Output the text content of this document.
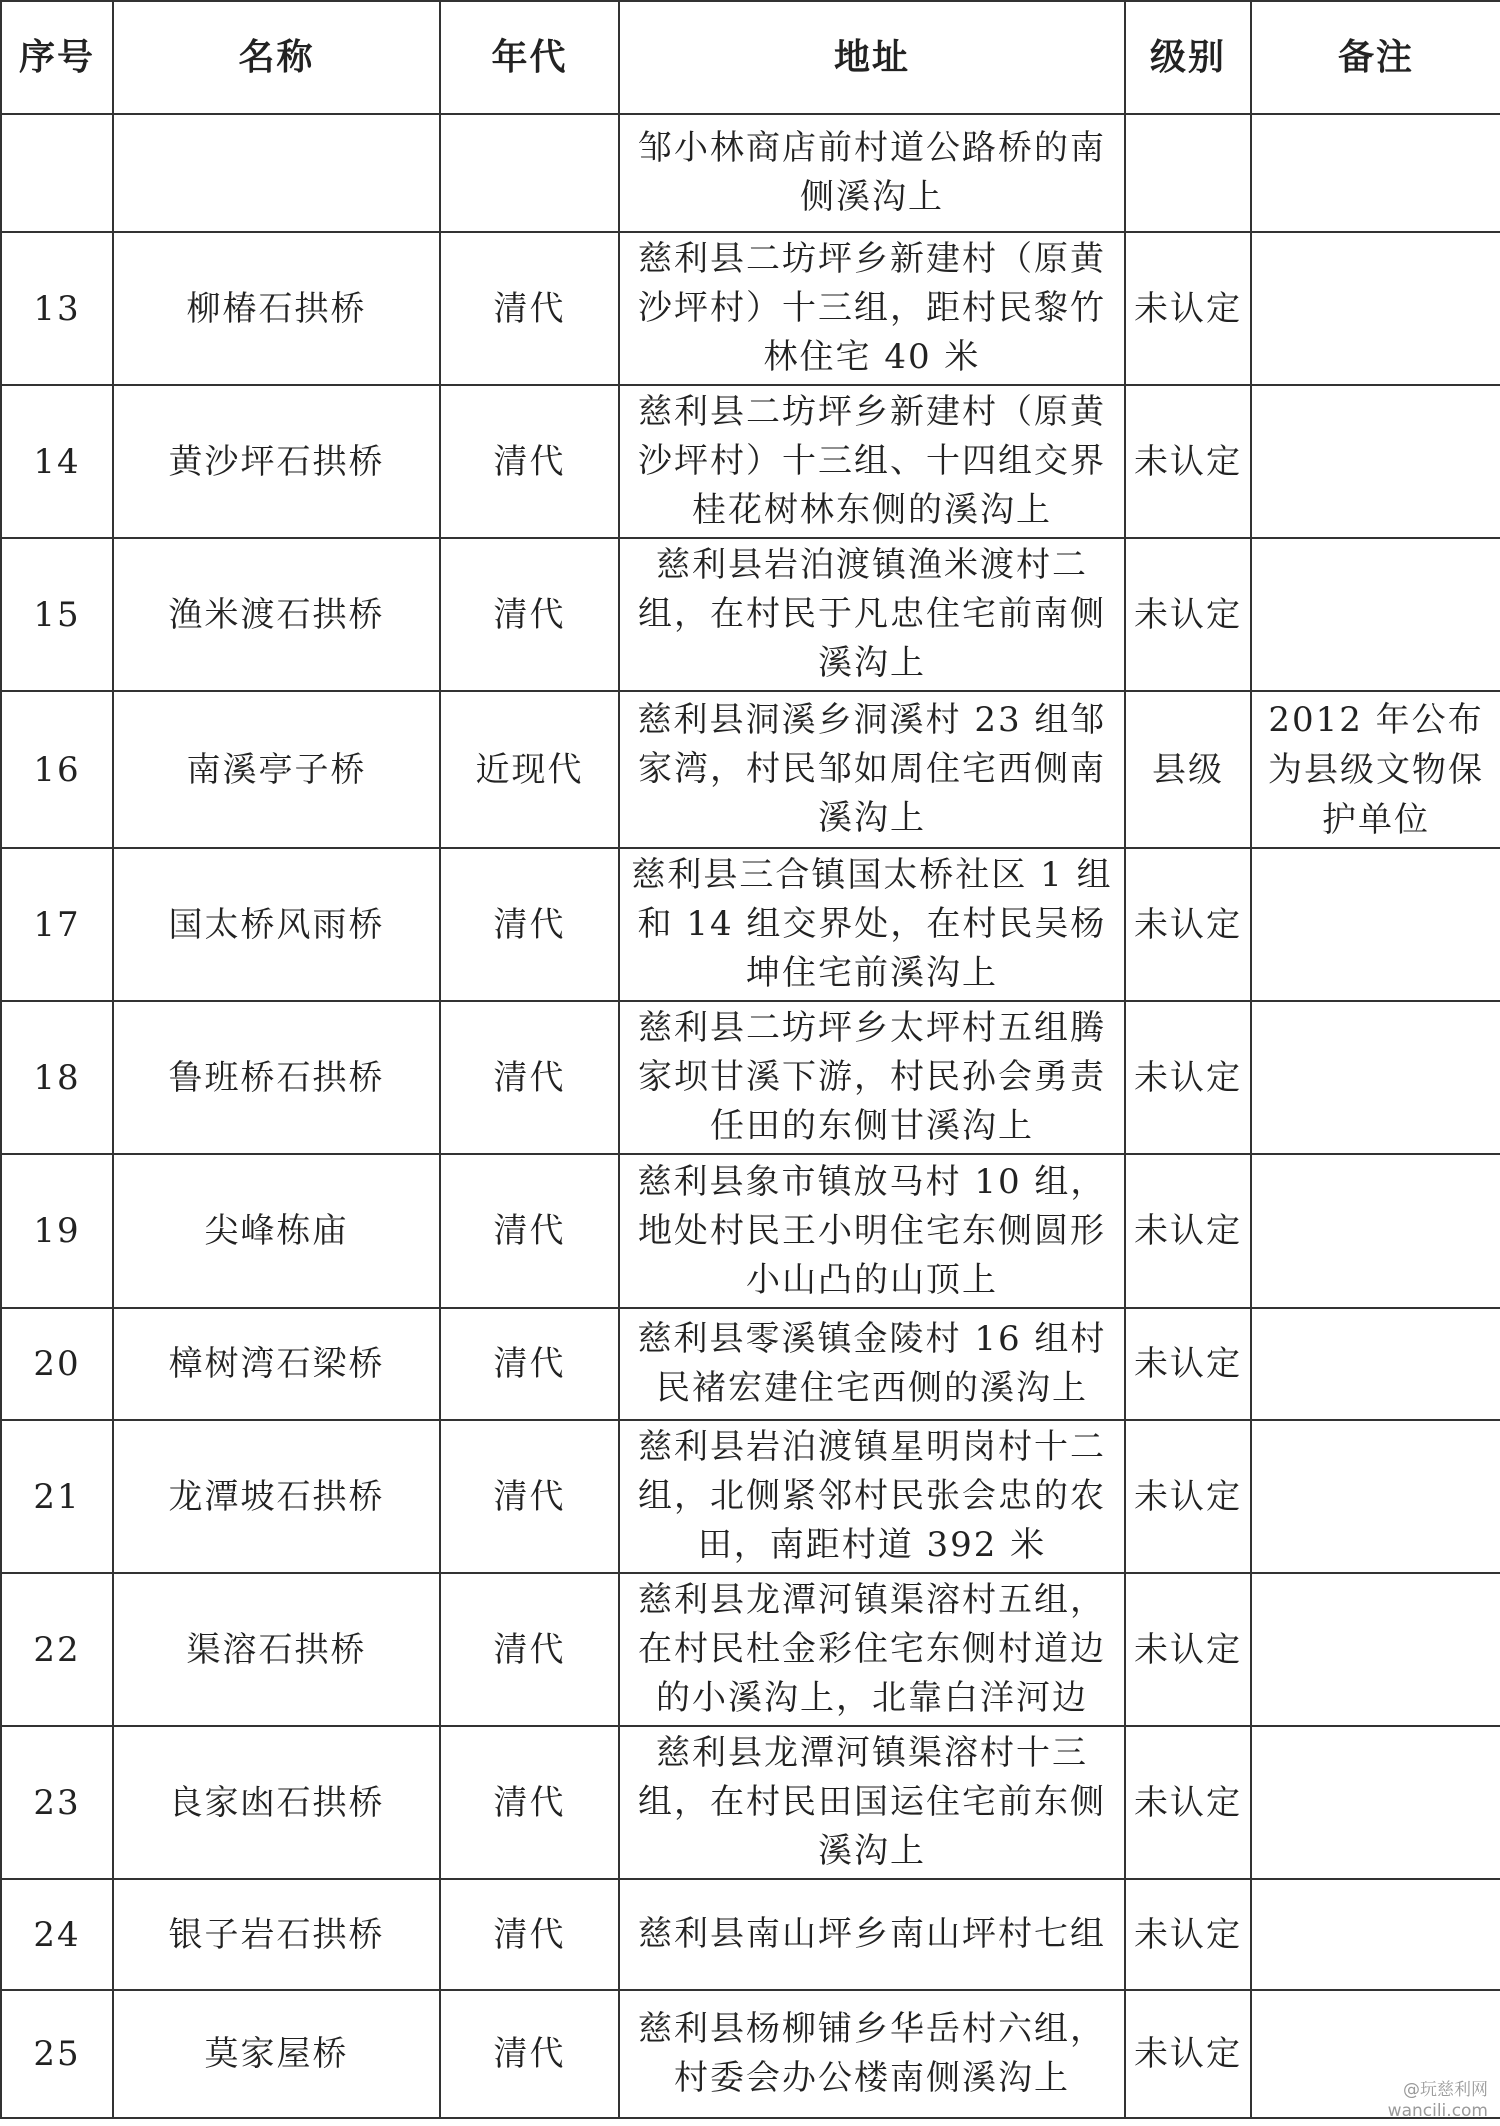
序号	名称	年代	地址	级别	备注
			邹小林商店前村道公路桥的南侧溪沟上		
13	柳椿石拱桥	清代	慈利县二坊坪乡新建村（原黄沙坪村）十三组，距村民黎竹林住宅 40 米	未认定	
14	黄沙坪石拱桥	清代	慈利县二坊坪乡新建村（原黄沙坪村）十三组、十四组交界桂花树林东侧的溪沟上	未认定	
15	渔米渡石拱桥	清代	慈利县岩泊渡镇渔米渡村二组，在村民于凡忠住宅前南侧溪沟上	未认定	
16	南溪亭子桥	近现代	慈利县洞溪乡洞溪村 23 组邹家湾，村民邹如周住宅西侧南溪沟上	县级	2012 年公布为县级文物保护单位
17	国太桥风雨桥	清代	慈利县三合镇国太桥社区 1 组和 14 组交界处，在村民吴杨坤住宅前溪沟上	未认定	
18	鲁班桥石拱桥	清代	慈利县二坊坪乡太坪村五组腾家坝甘溪下游，村民孙会勇责任田的东侧甘溪沟上	未认定	
19	尖峰栋庙	清代	慈利县象市镇放马村 10 组，地处村民王小明住宅东侧圆形小山凸的山顶上	未认定	
20	樟树湾石梁桥	清代	慈利县零溪镇金陵村 16 组村民褚宏建住宅西侧的溪沟上	未认定	
21	龙潭坡石拱桥	清代	慈利县岩泊渡镇星明岗村十二组，北侧紧邻村民张会忠的农田，南距村道 392 米	未认定	
22	渠溶石拱桥	清代	慈利县龙潭河镇渠溶村五组，在村民杜金彩住宅东侧村道边的小溪沟上，北靠白洋河边	未认定	
23	良家凼石拱桥	清代	慈利县龙潭河镇渠溶村十三组，在村民田国运住宅前东侧溪沟上	未认定	
24	银子岩石拱桥	清代	慈利县南山坪乡南山坪村七组	未认定	
25	莫家屋桥	清代	慈利县杨柳铺乡华岳村六组，村委会办公楼南侧溪沟上	未认定	
@玩慈利网
wancili.com
